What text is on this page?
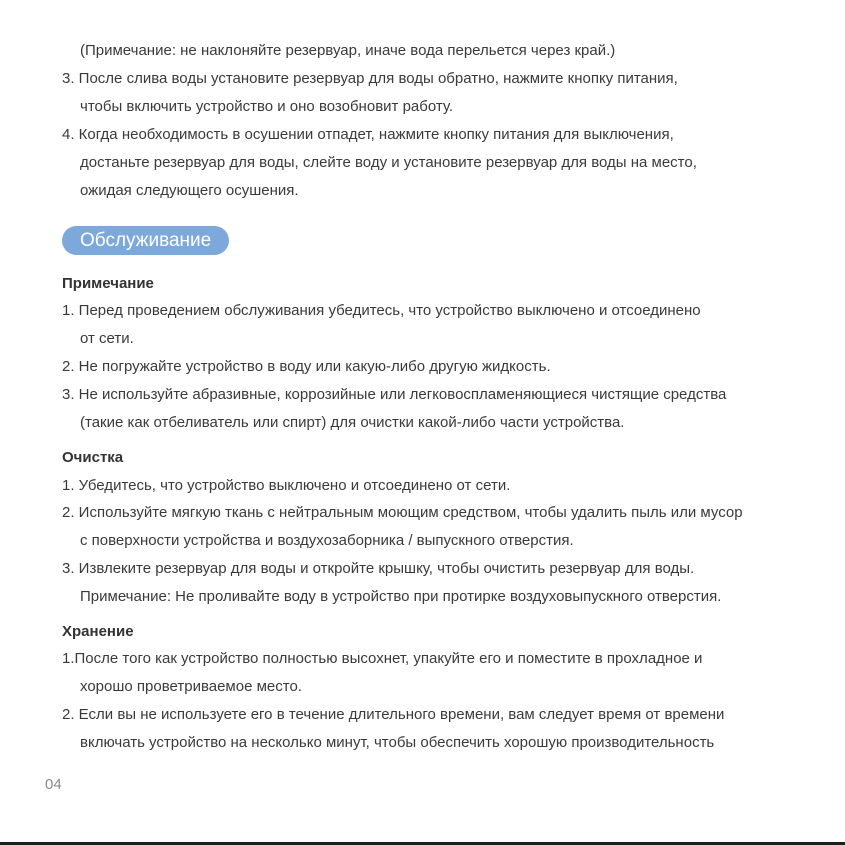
(Примечание: не наклоняйте резервуар, иначе вода перельется через край.)
3. После слива воды установите резервуар для воды обратно, нажмите кнопку питания,
чтобы включить устройство и оно возобновит работу.
4. Когда необходимость в осушении отпадет, нажмите кнопку питания для выключения,
достаньте резервуар для воды, слейте воду и установите резервуар для воды на место,
ожидая следующего осушения.
Обслуживание
Примечание
1. Перед проведением обслуживания убедитесь, что устройство выключено и отсоединено
от сети.
2. Не погружайте устройство в воду или какую-либо другую жидкость.
3. Не используйте абразивные, коррозийные или легковоспламеняющиеся чистящие средства
(такие как отбеливатель или спирт) для очистки какой-либо части устройства.
Очистка
1. Убедитесь, что устройство выключено и отсоединено от сети.
2. Используйте мягкую ткань с нейтральным моющим средством, чтобы удалить пыль или мусор
с поверхности устройства и воздухозаборника / выпускного отверстия.
3. Извлеките резервуар для воды и откройте крышку, чтобы очистить резервуар для воды.
Примечание: Не проливайте воду в устройство при протирке воздуховыпускного отверстия.
Хранение
1.После того как устройство полностью высохнет, упакуйте его и поместите в прохладное и
хорошо проветриваемое место.
2. Если вы не используете его в течение длительного времени, вам следует время от времени
включать устройство на несколько минут, чтобы обеспечить хорошую производительность
04
